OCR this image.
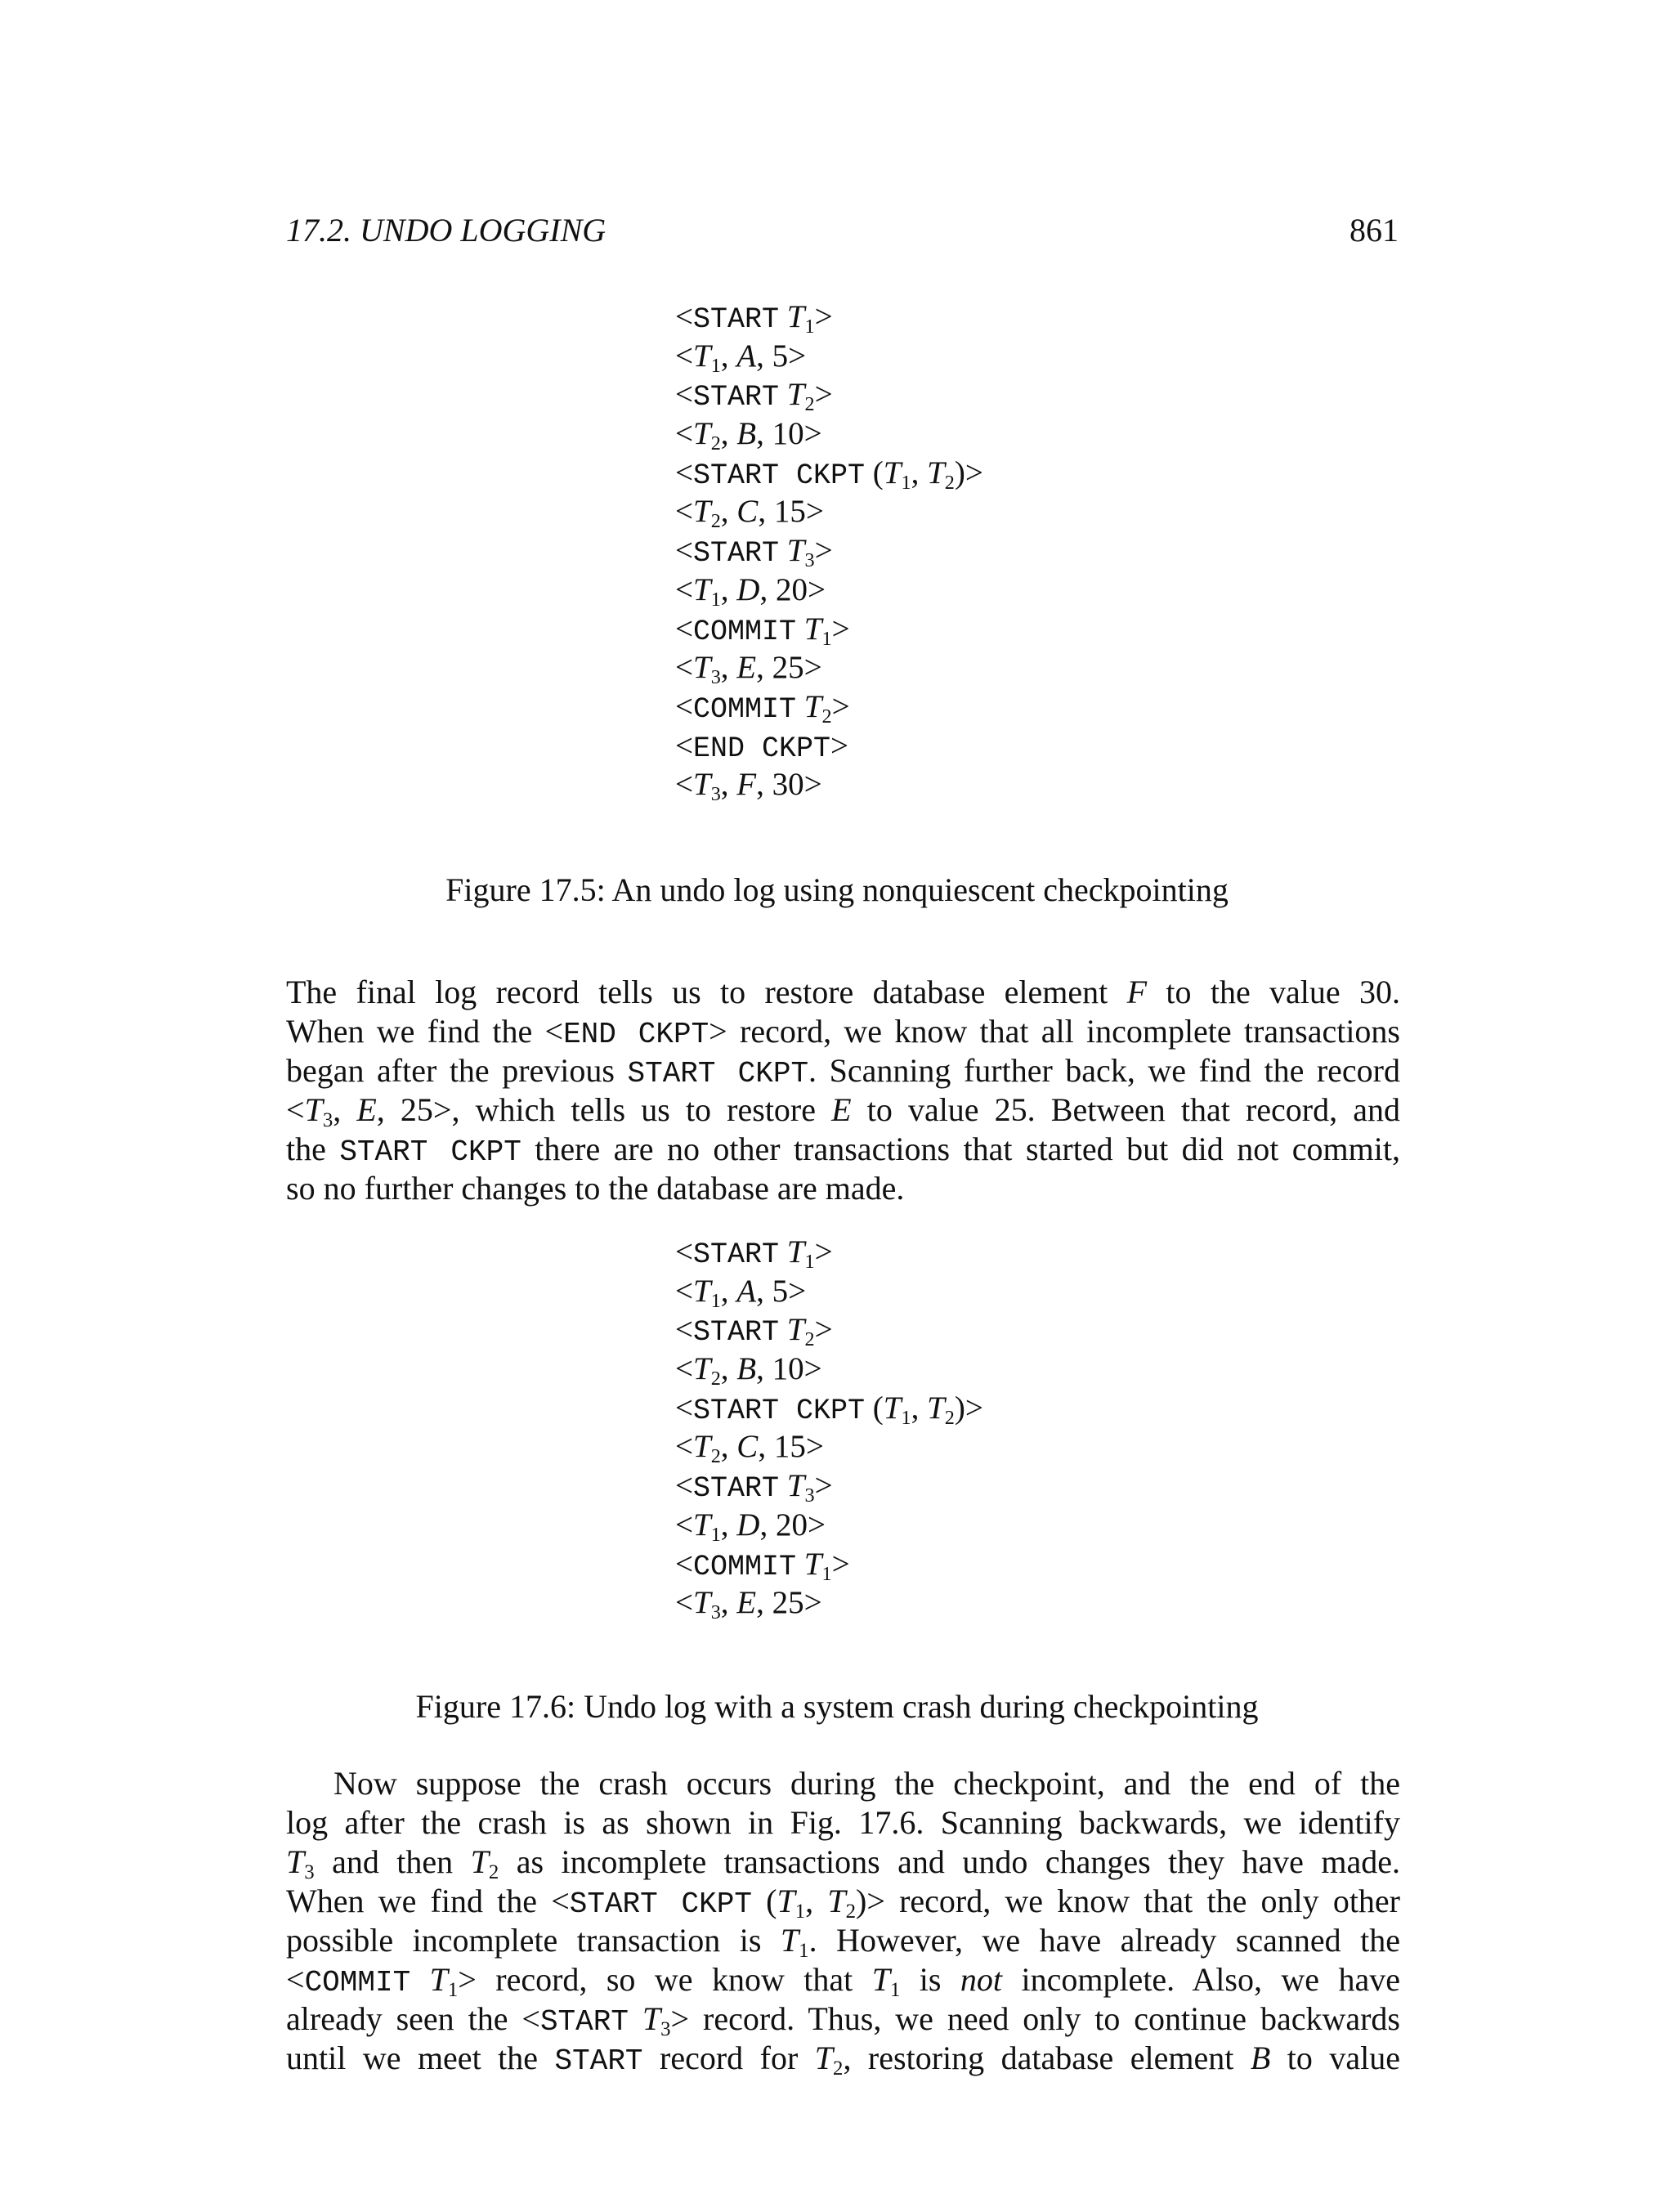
17.2. UNDO LOGGING	861
<START $T_1>$
$<T_1$, A, 5>
<START $T_2>$
$<T_2$, B, 10>
<START CKPT ($T_1$, $T_2)>$
$<T_2$, C, 15>
<START $T_3>$
$<T_1$, D, 20>
<COMMIT $T_1>$
$<T_3$, E, 25>
<COMMIT $T_2>$
<END CKPT>
$<T_3$, F, 30>
Figure 17.5: An undo log using nonquiescent checkpointing
The final log record tells us to restore database element F to the value 30.
When we find the <END CKPT> record, we know that all incomplete transactions
began after the previous START CKPT. Scanning further back, we find the record
$<T_3$, E, 25>, which tells us to restore E to value 25. Between that record, and
the START CKPT there are no other transactions that started but did not commit,
so no further changes to the database are made.
<START $T_1>$
$<T_1$, A, 5>
<START $T_2>$
$<T_2$, B, 10>
<START CKPT ($T_1$, $T_2)>$
$<T_2$, C, 15>
<START $T_3>$
$<T_1$, D, 20>
<COMMIT $T_1>$
$<T_3$, E, 25>
Figure 17.6: Undo log with a system crash during checkpointing
Now suppose the crash occurs during the checkpoint, and the end of the
log after the crash is as shown in Fig. 17.6. Scanning backwards, we identify
$T_3$ and then $T_2$ as incomplete transactions and undo changes they have made.
When we find the <START CKPT ($T_1$, $T_2)>$ record, we know that the only other
possible incomplete transaction is $T_1$. However, we have already scanned the
<COMMIT $T_1>$ record, so we know that $T_1$ is not incomplete. Also, we have
already seen the <START $T_3>$ record. Thus, we need only to continue backwards
until we meet the START record for $T_2$, restoring database element B to value
